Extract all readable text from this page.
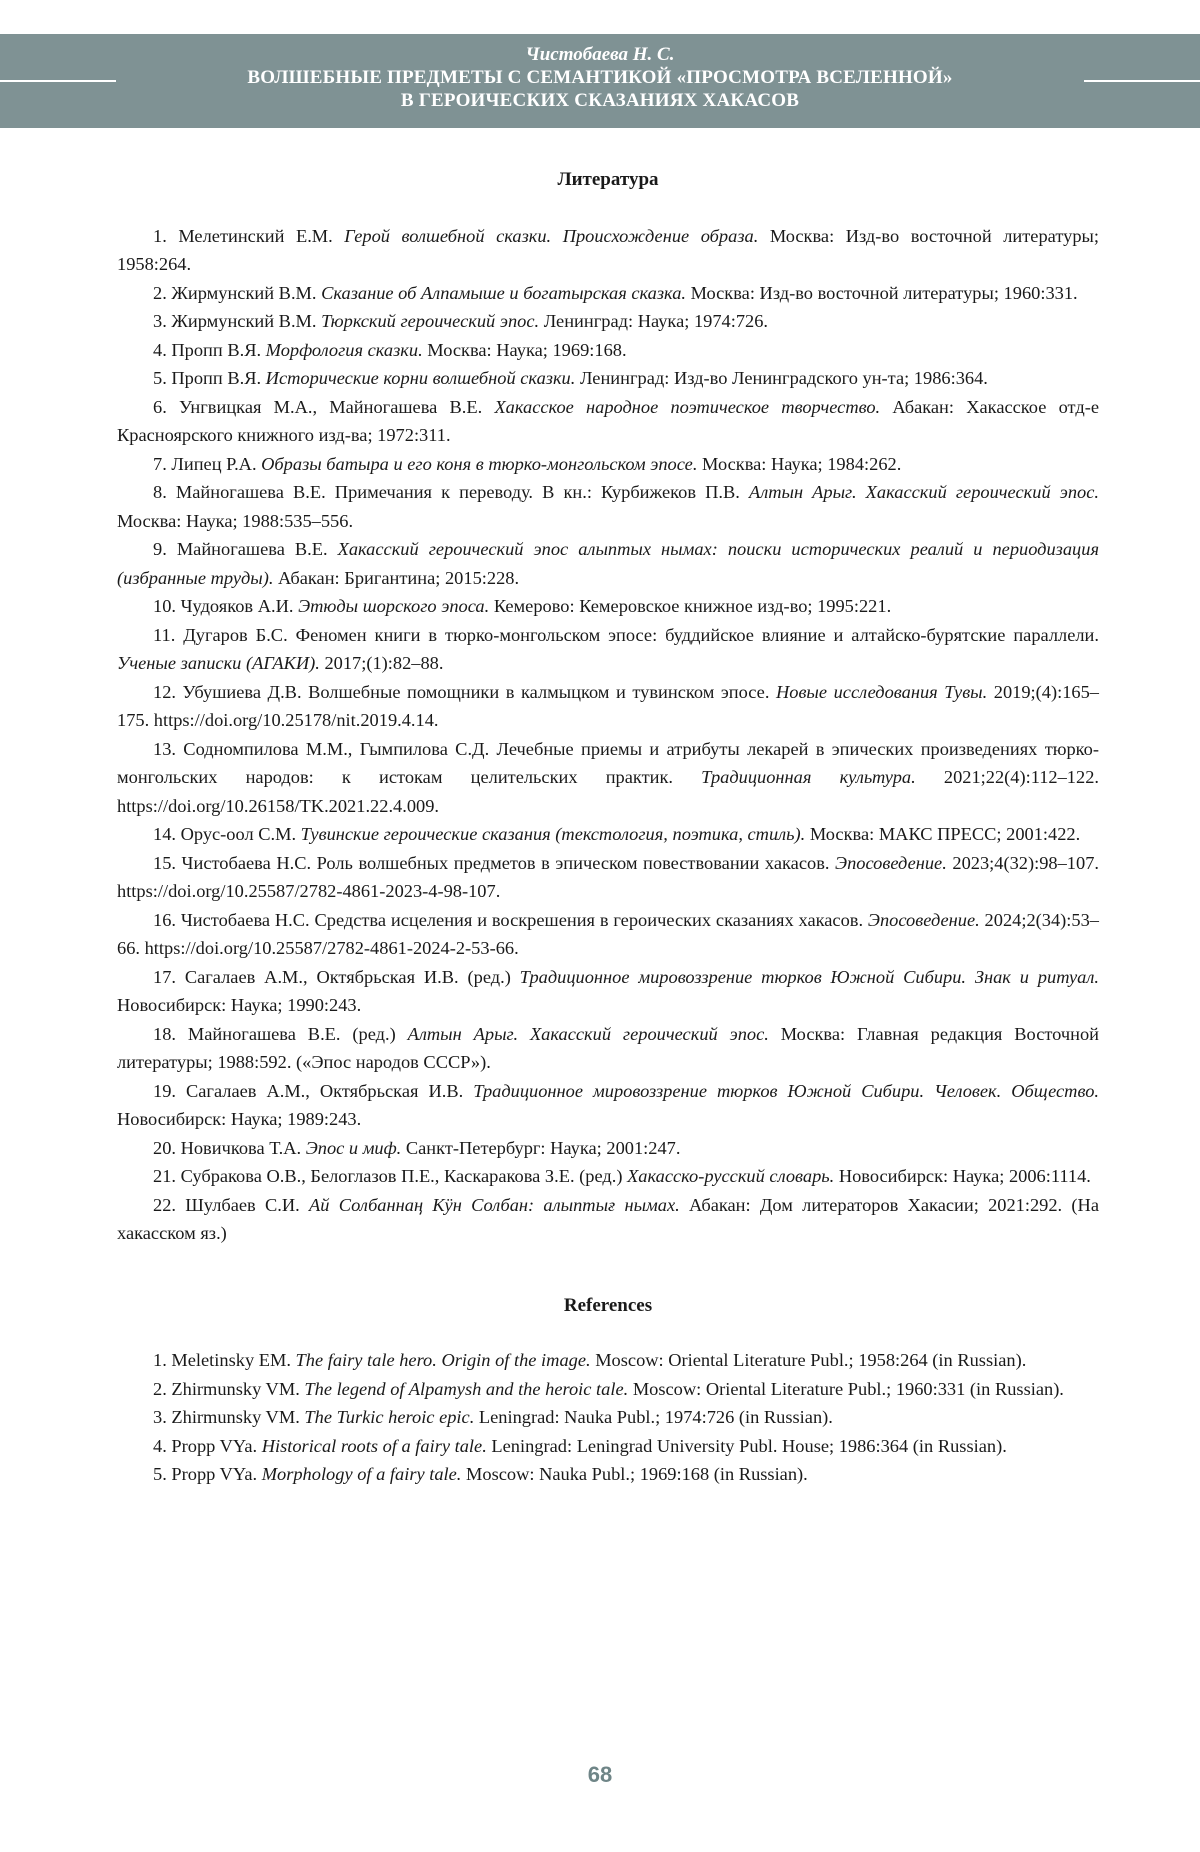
Чистобаева Н. С.
ВОЛШЕБНЫЕ ПРЕДМЕТЫ С СЕМАНТИКОЙ «ПРОСМОТРА ВСЕЛЕННОЙ»
В ГЕРОИЧЕСКИХ СКАЗАНИЯХ ХАКАСОВ
Литература

1. Мелетинский Е.М. Герой волшебной сказки. Происхождение образа. Москва: Изд-во восточной литературы; 1958:264.

2. Жирмунский В.М. Сказание об Алпамыше и богатырская сказка. Москва: Изд-во восточной литературы; 1960:331.

3. Жирмунский В.М. Тюркский героический эпос. Ленинград: Наука; 1974:726.

4. Пропп В.Я. Морфология сказки. Москва: Наука; 1969:168.

5. Пропп В.Я. Исторические корни волшебной сказки. Ленинград: Изд-во Ленинградского ун-та; 1986:364.

6. Унгвицкая М.А., Майногашева В.Е. Хакасское народное поэтическое творчество. Абакан: Хакасское отд-е Красноярского книжного изд-ва; 1972:311.

7. Липец Р.А. Образы батыра и его коня в тюрко-монгольском эпосе. Москва: Наука; 1984:262.

8. Майногашева В.Е. Примечания к переводу. В кн.: Курбижеков П.В. Алтын Арыг. Хакасский героический эпос. Москва: Наука; 1988:535–556.

9. Майногашева В.Е. Хакасский героический эпос алыптых нымах: поиски исторических реалий и периодизация (избранные труды). Абакан: Бригантина; 2015:228.

10. Чудояков А.И. Этюды шорского эпоса. Кемерово: Кемеровское книжное изд-во; 1995:221.

11. Дугаров Б.С. Феномен книги в тюрко-монгольском эпосе: буддийское влияние и алтайско-бурятские параллели. Ученые записки (АГАКИ). 2017;(1):82–88.

12. Убушиева Д.В. Волшебные помощники в калмыцком и тувинском эпосе. Новые исследования Тувы. 2019;(4):165–175. https://doi.org/10.25178/nit.2019.4.14.

13. Содномпилова М.М., Гымпилова С.Д. Лечебные приемы и атрибуты лекарей в эпических произведениях тюрко-монгольских народов: к истокам целительских практик. Традиционная культура. 2021;22(4):112–122. https://doi.org/10.26158/TK.2021.22.4.009.

14. Орус-оол С.М. Тувинские героические сказания (текстология, поэтика, стиль). Москва: МАКС ПРЕСС; 2001:422.

15. Чистобаева Н.С. Роль волшебных предметов в эпическом повествовании хакасов. Эпосоведение. 2023;4(32):98–107. https://doi.org/10.25587/2782-4861-2023-4-98-107.

16. Чистобаева Н.С. Средства исцеления и воскрешения в героических сказаниях хакасов. Эпосоведение. 2024;2(34):53–66. https://doi.org/10.25587/2782-4861-2024-2-53-66.

17. Сагалаев А.М., Октябрьская И.В. (ред.) Традиционное мировоззрение тюрков Южной Сибири. Знак и ритуал. Новосибирск: Наука; 1990:243.

18. Майногашева В.Е. (ред.) Алтын Арыг. Хакасский героический эпос. Москва: Главная редакция Восточной литературы; 1988:592. («Эпос народов СССР»).

19. Сагалаев А.М., Октябрьская И.В. Традиционное мировоззрение тюрков Южной Сибири. Человек. Общество. Новосибирск: Наука; 1989:243.

20. Новичкова Т.А. Эпос и миф. Санкт-Петербург: Наука; 2001:247.

21. Субракова О.В., Белоглазов П.Е., Каскаракова З.Е. (ред.) Хакасско-русский словарь. Новосибирск: Наука; 2006:1114.

22. Шулбаев С.И. Ай Солбаннаң Кӱн Солбан: алыптығ нымах. Абакан: Дом литераторов Хакасии; 2021:292. (На хакасском яз.)

References

1. Meletinsky EM. The fairy tale hero. Origin of the image. Moscow: Oriental Literature Publ.; 1958:264 (in Russian).

2. Zhirmunsky VM. The legend of Alpamysh and the heroic tale. Moscow: Oriental Literature Publ.; 1960:331 (in Russian).

3. Zhirmunsky VM. The Turkic heroic epic. Leningrad: Nauka Publ.; 1974:726 (in Russian).

4. Propp VYa. Historical roots of a fairy tale. Leningrad: Leningrad University Publ. House; 1986:364 (in Russian).

5. Propp VYa. Morphology of a fairy tale. Moscow: Nauka Publ.; 1969:168 (in Russian).

68
